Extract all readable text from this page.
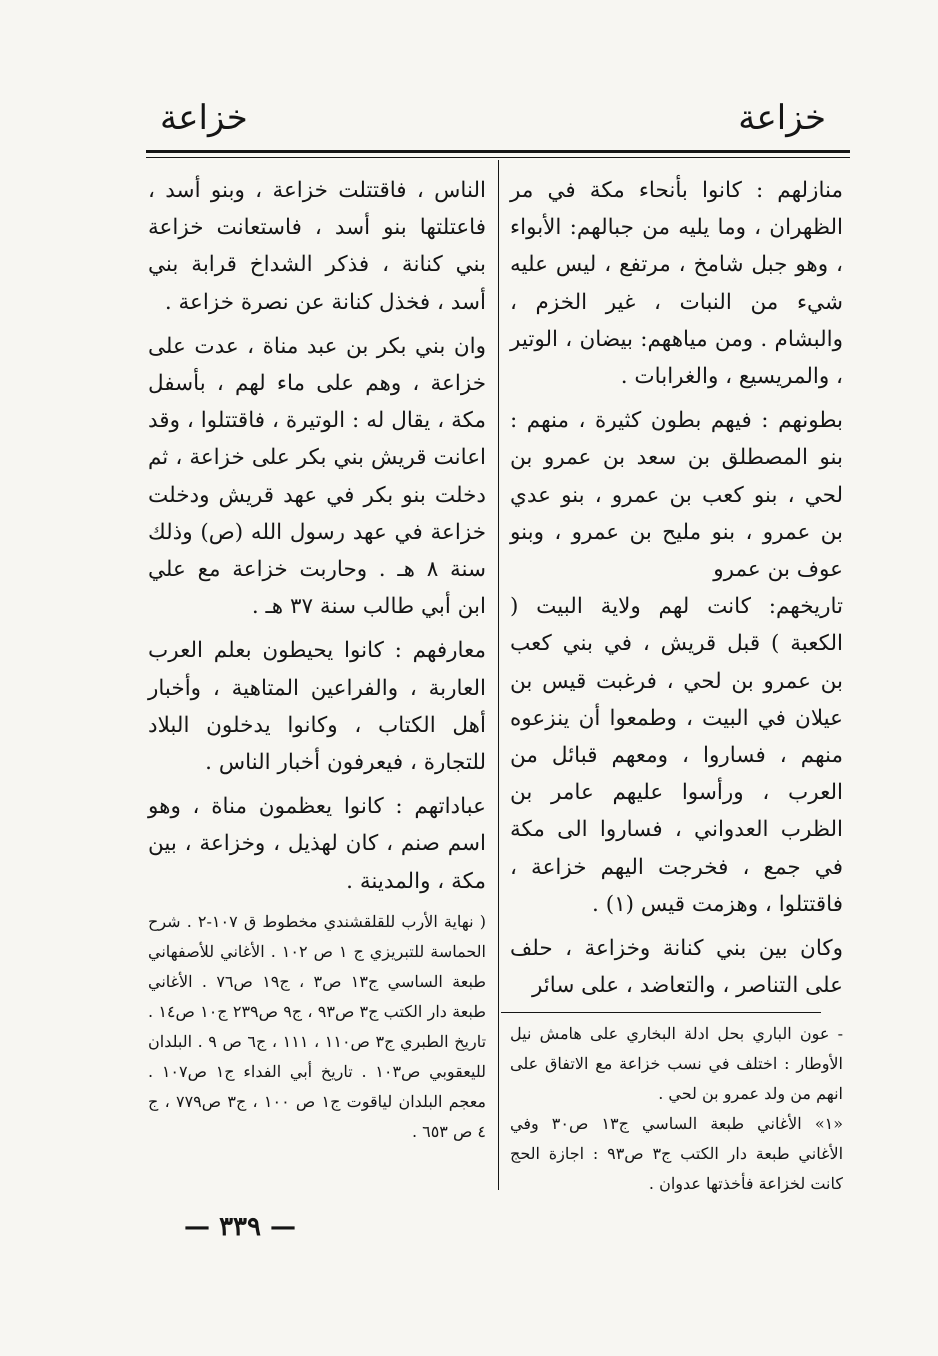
خزاعة
خزاعة

منازلهم : كانوا بأنحاء مكة في مر الظهران ، وما يليه من جبالهم: الأبواء ، وهو جبل شامخ ، مرتفع ، ليس عليه شيء من النبات ، غير الخزم ، والبشام . ومن مياههم: بيضان ، الوتير ، والمريسيع ، والغرابات .

بطونهم : فيهم بطون كثيرة ، منهم : بنو المصطلق بن سعد بن عمرو بن لحي ، بنو كعب بن عمرو ، بنو عدي بن عمرو ، بنو مليح بن عمرو ، وبنو عوف بن عمرو

تاريخهم: كانت لهم ولاية البيت ( الكعبة ) قبل قريش ، في بني كعب بن عمرو بن لحي ، فرغبت قيس بن عيلان في البيت ، وطمعوا أن ينزعوه منهم ، فساروا ، ومعهم قبائل من العرب ، ورأسوا عليهم عامر بن الظرب العدواني ، فساروا الى مكة في جمع ، فخرجت اليهم خزاعة ، فاقتتلوا ، وهزمت قيس (١) .

وكان بين بني كنانة وخزاعة ، حلف على التناصر ، والتعاضد ، على سائر

- عون الباري بحل ادلة البخاري على هامش نيل الأوطار : اختلف في نسب خزاعة مع الاتفاق على انهم من ولد عمرو بن لحي .

«١» الأغاني طبعة الساسي ج١٣ ص٣٠ وفي الأغاني طبعة دار الكتب ج٣ ص٩٣ : اجازة الحج كانت لخزاعة فأخذتها عدوان .

الناس ، فاقتتلت خزاعة ، وبنو أسد ، فاعتلتها بنو أسد ، فاستعانت خزاعة بني كنانة ، فذكر الشداخ قرابة بني أسد ، فخذل كنانة عن نصرة خزاعة .

وان بني بكر بن عبد مناة ، عدت على خزاعة ، وهم على ماء لهم ، بأسفل مكة ، يقال له : الوتيرة ، فاقتتلوا ، وقد اعانت قريش بني بكر على خزاعة ، ثم دخلت بنو بكر في عهد قريش ودخلت خزاعة في عهد رسول الله (ص) وذلك سنة ٨ هـ . وحاربت خزاعة مع علي ابن أبي طالب سنة ٣٧ هـ .

معارفهم : كانوا يحيطون بعلم العرب العاربة ، والفراعين المتاهية ، وأخبار أهل الكتاب ، وكانوا يدخلون البلاد للتجارة ، فيعرفون أخبار الناس .

عباداتهم : كانوا يعظمون مناة ، وهو اسم صنم ، كان لهذيل ، وخزاعة ، بين مكة ، والمدينة .

( نهاية الأرب للقلقشندي مخطوط ق ١٠٧-٢ . شرح الحماسة للتبريزي ج ١ ص ١٠٢ . الأغاني للأصفهاني طبعة الساسي ج١٣ ص٣ ، ج١٩ ص٧٦ . الأغاني طبعة دار الكتب ج٣ ص٩٣ ، ج٩ ص٢٣٩ ج١٠ ص١٤ . تاريخ الطبري ج٣ ص١١٠ ، ١١١ ، ج٦ ص ٩ . البلدان لليعقوبي ص١٠٣ . تاريخ أبي الفداء ج١ ص١٠٧ . معجم البلدان لياقوت ج١ ص ١٠٠ ، ج٣ ص٧٧٩ ، ج ٤ ص ٦٥٣ .

— ٣٣٩ —
